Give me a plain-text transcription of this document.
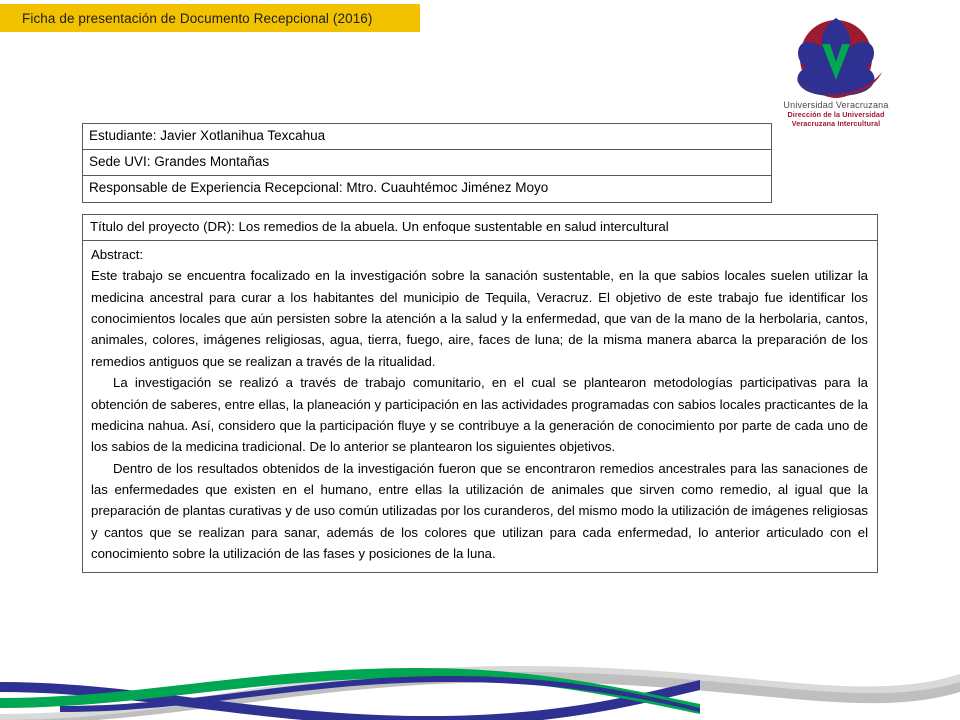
Ficha de presentación de Documento Recepcional (2016)
Universidad Veracruzana
Dirección de la Universidad
Veracruzana Intercultural
Estudiante: Javier Xotlanihua Texcahua
Sede UVI: Grandes Montañas
Responsable de Experiencia Recepcional: Mtro. Cuauhtémoc Jiménez Moyo
Título del proyecto (DR): Los remedios de la abuela. Un enfoque sustentable en salud intercultural
Abstract:

Este trabajo se encuentra focalizado en la investigación sobre la sanación sustentable, en la que sabios locales suelen utilizar la medicina ancestral para curar a los habitantes del municipio de Tequila, Veracruz. El objetivo de este trabajo fue identificar los conocimientos locales que aún persisten sobre la atención a la salud y la enfermedad, que van de la mano de la herbolaria, cantos, animales, colores, imágenes religiosas, agua, tierra, fuego, aire, faces de luna; de la misma manera abarca la preparación de los remedios antiguos que se realizan a través de la ritualidad.

La investigación se realizó a través de trabajo comunitario, en el cual se plantearon metodologías participativas para la obtención de saberes, entre ellas, la planeación y participación en las actividades programadas con sabios locales practicantes de la medicina nahua. Así, considero que la participación fluye y se contribuye a la generación de conocimiento por parte de cada uno de los sabios de la medicina tradicional. De lo anterior se plantearon los siguientes objetivos.

Dentro de los resultados obtenidos de la investigación fueron que se encontraron remedios ancestrales para las sanaciones de las enfermedades que existen en el humano, entre ellas la utilización de animales que sirven como remedio, al igual que la preparación de plantas curativas y de uso común utilizadas por los curanderos, del mismo modo la utilización de imágenes religiosas y cantos que se realizan para sanar, además de los colores que utilizan para cada enfermedad, lo anterior articulado con el conocimiento sobre la utilización de las fases y posiciones de la luna.
